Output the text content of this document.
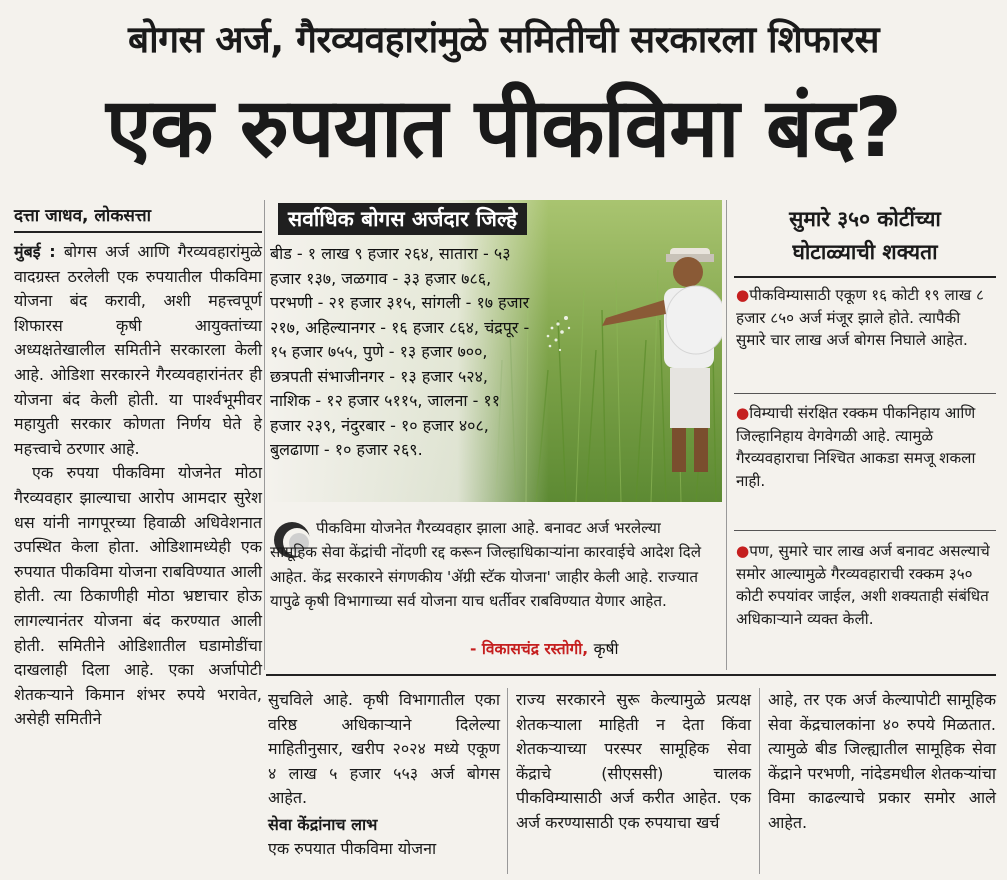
बोगस अर्ज, गैरव्यवहारांमुळे समितीची सरकारला शिफारस
एक रुपयात पीकविमा बंद?
दत्ता जाधव, लोकसत्ता

मुंबई : बोगस अर्ज आणि गैरव्यवहारांमुळे वादग्रस्त ठरलेली एक रुपयातील पीकविमा योजना बंद करावी, अशी महत्त्वपूर्ण शिफारस कृषी आयुक्तांच्या अध्यक्षतेखालील समितीने सरकारला केली आहे. ओडिशा सरकारने गैरव्यवहारांनंतर ही योजना बंद केली होती. या पार्श्वभूमीवर महायुती सरकार कोणता निर्णय घेते हे महत्त्वाचे ठरणार आहे.

एक रुपया पीकविमा योजनेत मोठा गैरव्यवहार झाल्याचा आरोप आमदार सुरेश धस यांनी नागपूरच्या हिवाळी अधिवेशनात उपस्थित केला होता. ओडिशामध्येही एक रुपयात पीकविमा योजना राबविण्यात आली होती. त्या ठिकाणीही मोठा भ्रष्टाचार होऊ लागल्यानंतर योजना बंद करण्यात आली होती. समितीने ओडिशातील घडामोडींचा दाखलाही दिला आहे. एका अर्जापोटी शेतकऱ्याने किमान शंभर रुपये भरावेत, असेही समितीने

सर्वाधिक बोगस अर्जदार जिल्हे
बीड - १ लाख ९ हजार २६४, सातारा - ५३ हजार १३७, जळगाव - ३३ हजार ७८६, परभणी - २१ हजार ३१५, सांगली - १७ हजार २१७, अहिल्यानगर - १६ हजार ८६४, चंद्रपूर - १५ हजार ७५५, पुणे - १३ हजार ७००, छत्रपती संभाजीनगर - १३ हजार ५२४, नाशिक - १२ हजार ५११५, जालना - ११ हजार २३९, नंदुरबार - १० हजार ४०८, बुलढाणा - १० हजार २६९.
पीकविमा योजनेत गैरव्यवहार झाला आहे. बनावट अर्ज भरलेल्या सामूहिक सेवा केंद्रांची नोंदणी रद्द करून जिल्हाधिकाऱ्यांना कारवाईचे आदेश दिले आहेत. केंद्र सरकारने संगणकीय 'ॲग्री स्टॅक योजना' जाहीर केली आहे. राज्यात यापुढे कृषी विभागाच्या सर्व योजना याच धर्तीवर राबविण्यात येणार आहेत.
- विकासचंद्र रस्तोगी, कृषी
सुमारे ३५० कोटींच्या
घोटाळ्याची शक्यता
●पीकविम्यासाठी एकूण १६ कोटी १९ लाख ८ हजार ८५० अर्ज मंजूर झाले होते. त्यापैकी सुमारे चार लाख अर्ज बोगस निघाले आहेत.
●विम्याची संरक्षित रक्कम पीकनिहाय आणि जिल्हानिहाय वेगवेगळी आहे. त्यामुळे गैरव्यवहाराचा निश्चित आकडा समजू शकला नाही.
●पण, सुमारे चार लाख अर्ज बनावट असल्याचे समोर आल्यामुळे गैरव्यवहाराची रक्कम ३५० कोटी रुपयांवर जाईल, अशी शक्यताही संबंधित अधिकाऱ्याने व्यक्त केली.

सुचविले आहे. कृषी विभागातील एका वरिष्ठ अधिकाऱ्याने दिलेल्या माहितीनुसार, खरीप २०२४ मध्ये एकूण ४ लाख ५ हजार ५५३ अर्ज बोगस आहेत.

सेवा केंद्रांनाच लाभ

एक रुपयात पीकविमा योजना

राज्य सरकारने सुरू केल्यामुळे प्रत्यक्ष शेतकऱ्याला माहिती न देता किंवा शेतकऱ्याच्या परस्पर सामूहिक सेवा केंद्राचे (सीएससी) चालक पीकविम्यासाठी अर्ज करीत आहेत. एक अर्ज करण्यासाठी एक रुपयाचा खर्च

आहे, तर एक अर्ज केल्यापोटी सामूहिक सेवा केंद्रचालकांना ४० रुपये मिळतात. त्यामुळे बीड जिल्ह्यातील सामूहिक सेवा केंद्राने परभणी, नांदेडमधील शेतकऱ्यांचा विमा काढल्याचे प्रकार समोर आले आहेत.
